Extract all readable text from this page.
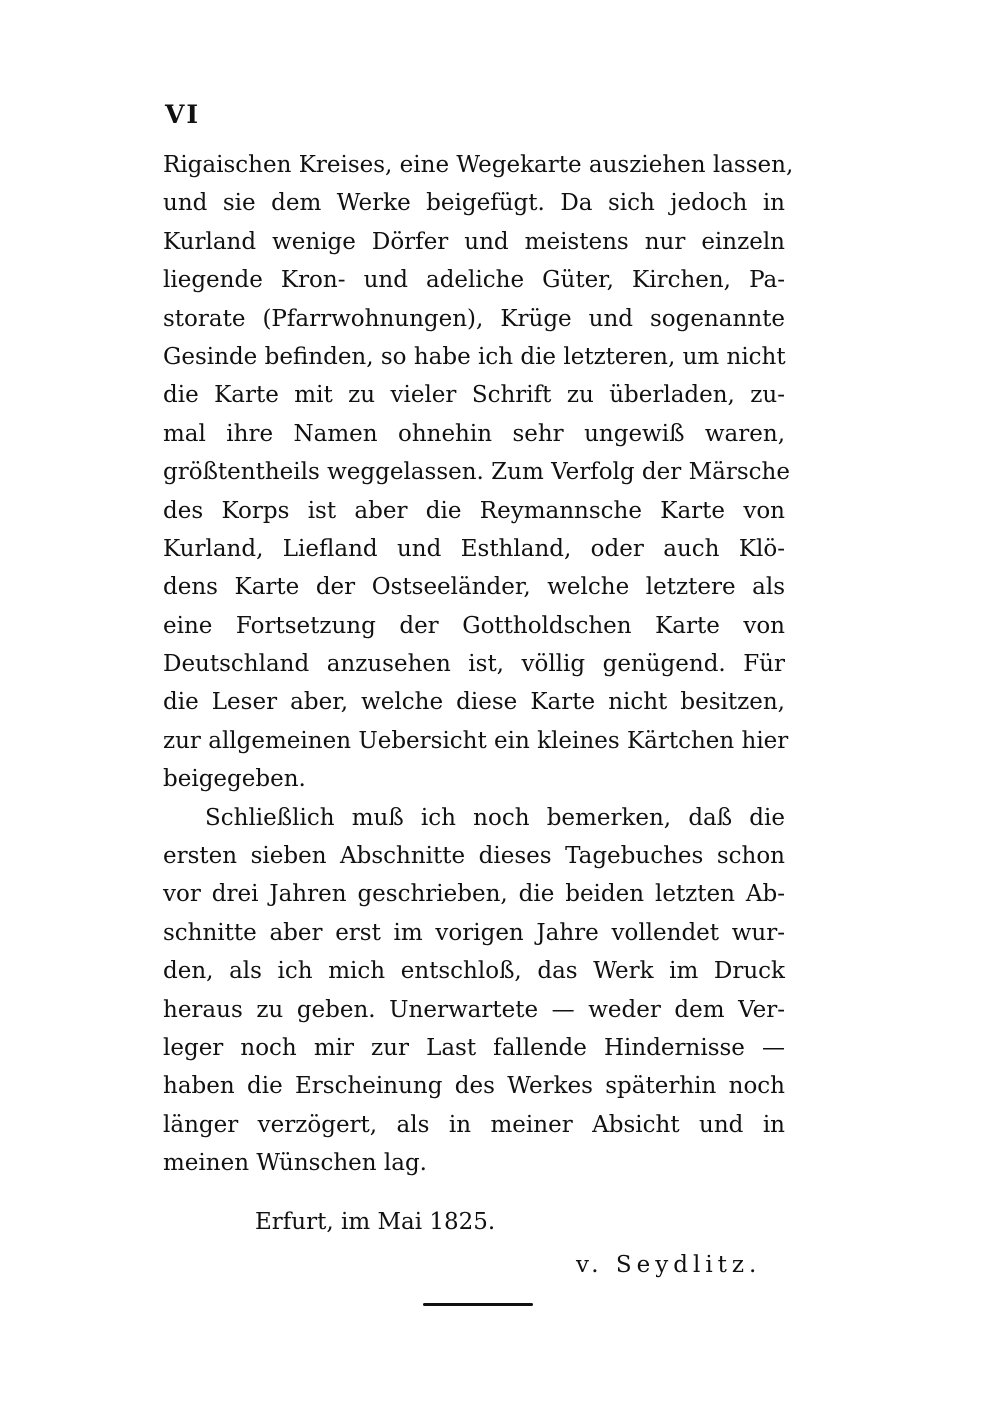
VI
Rigaischen Kreises, eine Wegekarte ausziehen lassen,
und sie dem Werke beigefügt. Da sich jedoch in
Kurland wenige Dörfer und meistens nur einzeln
liegende Kron- und adeliche Güter, Kirchen, Pa-
storate (Pfarrwohnungen), Krüge und sogenannte
Gesinde befinden, so habe ich die letzteren, um nicht
die Karte mit zu vieler Schrift zu überladen, zu-
mal ihre Namen ohnehin sehr ungewiß waren,
größtentheils weggelassen. Zum Verfolg der Märsche
des Korps ist aber die Reymannsche Karte von
Kurland, Liefland und Esthland, oder auch Klö-
dens Karte der Ostseeländer, welche letztere als
eine Fortsetzung der Gottholdschen Karte von
Deutschland anzusehen ist, völlig genügend. Für
die Leser aber, welche diese Karte nicht besitzen,
zur allgemeinen Uebersicht ein kleines Kärtchen hier
beigegeben.
Schließlich muß ich noch bemerken, daß die
ersten sieben Abschnitte dieses Tagebuches schon
vor drei Jahren geschrieben, die beiden letzten Ab-
schnitte aber erst im vorigen Jahre vollendet wur-
den, als ich mich entschloß, das Werk im Druck
heraus zu geben. Unerwartete — weder dem Ver-
leger noch mir zur Last fallende Hindernisse —
haben die Erscheinung des Werkes späterhin noch
länger verzögert, als in meiner Absicht und in
meinen Wünschen lag.
Erfurt, im Mai 1825.
v. Seydlitz.
